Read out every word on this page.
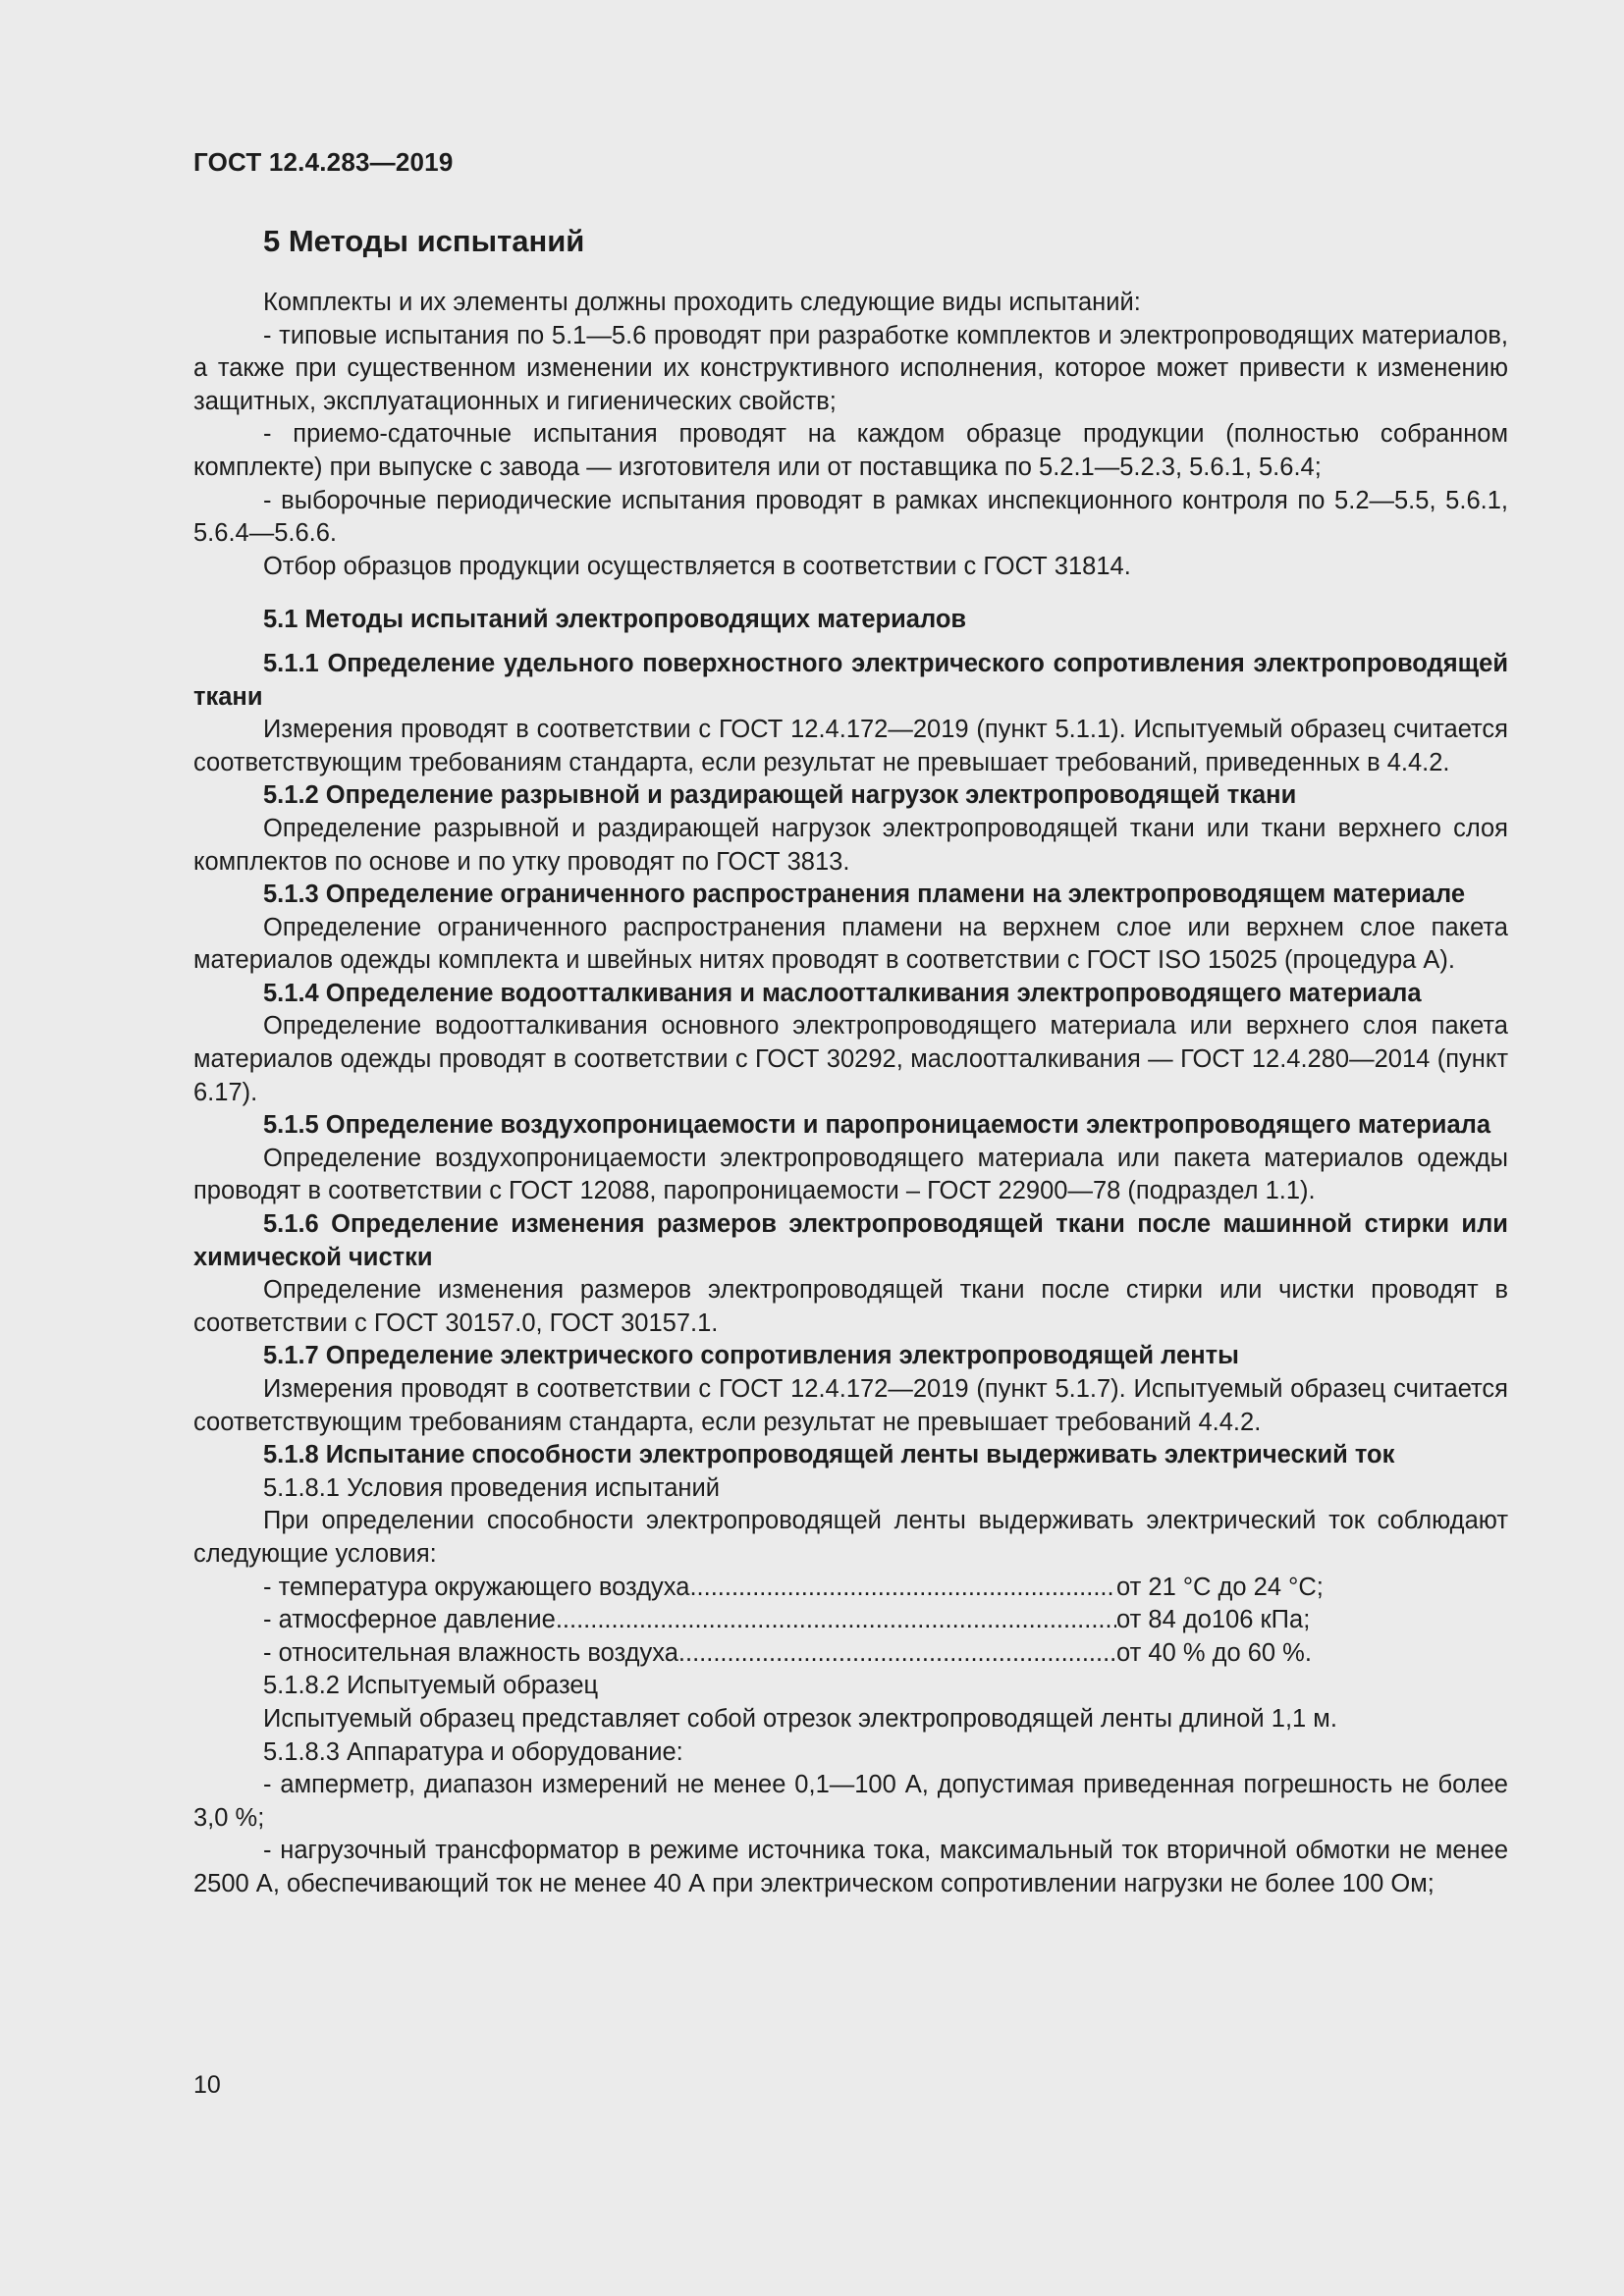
ГОСТ 12.4.283—2019

5 Методы испытаний

Комплекты и их элементы должны проходить следующие виды испытаний:

- типовые испытания по 5.1—5.6 проводят при разработке комплектов и электропроводящих материалов, а также при существенном изменении их конструктивного исполнения, которое может привести к изменению защитных, эксплуатационных и гигиенических свойств;

- приемо-сдаточные испытания проводят на каждом образце продукции (полностью собранном комплекте) при выпуске с завода — изготовителя или от поставщика по 5.2.1—5.2.3, 5.6.1, 5.6.4;

- выборочные периодические испытания проводят в рамках инспекционного контроля по 5.2—5.5, 5.6.1, 5.6.4—5.6.6.

Отбор образцов продукции осуществляется в соответствии с ГОСТ 31814.

5.1 Методы испытаний электропроводящих материалов

5.1.1 Определение удельного поверхностного электрического сопротивления электропроводящей ткани

Измерения проводят в соответствии с ГОСТ 12.4.172—2019 (пункт 5.1.1). Испытуемый образец считается соответствующим требованиям стандарта, если результат не превышает требований, приведенных в 4.4.2.

5.1.2 Определение разрывной и раздирающей нагрузок электропроводящей ткани

Определение разрывной и раздирающей нагрузок электропроводящей ткани или ткани верхнего слоя комплектов по основе и по утку проводят по ГОСТ 3813.

5.1.3 Определение ограниченного распространения пламени на электропроводящем материале

Определение ограниченного распространения пламени на верхнем слое или верхнем слое пакета материалов одежды комплекта и швейных нитях проводят в соответствии с ГОСТ ISO 15025 (процедура А).

5.1.4 Определение водоотталкивания и маслоотталкивания электропроводящего материала

Определение водоотталкивания основного электропроводящего материала или верхнего слоя пакета материалов одежды проводят в соответствии с ГОСТ 30292, маслоотталкивания — ГОСТ 12.4.280—2014 (пункт 6.17).

5.1.5 Определение воздухопроницаемости и паропроницаемости электропроводящего материала

Определение воздухопроницаемости электропроводящего материала или пакета материалов одежды проводят в соответствии с ГОСТ 12088, паропроницаемости – ГОСТ 22900—78 (подраздел 1.1).

5.1.6 Определение изменения размеров электропроводящей ткани после машинной стирки или химической чистки

Определение изменения размеров электропроводящей ткани после стирки или чистки проводят в соответствии с ГОСТ 30157.0, ГОСТ 30157.1.

5.1.7 Определение электрического сопротивления электропроводящей ленты

Измерения проводят в соответствии с ГОСТ 12.4.172—2019 (пункт 5.1.7). Испытуемый образец считается соответствующим требованиям стандарта, если результат не превышает требований 4.4.2.

5.1.8 Испытание способности электропроводящей ленты выдерживать электрический ток

5.1.8.1 Условия проведения испытаний

При определении способности электропроводящей ленты выдерживать электрический ток соблюдают следующие условия:

- температура окружающего воздуха .....	от 21 °С до 24 °С;
- атмосферное давление .....	от 84 до106 кПа;
- относительная влажность воздуха .....	от 40 % до 60 %.

5.1.8.2 Испытуемый образец

Испытуемый образец представляет собой отрезок электропроводящей ленты длиной 1,1 м.

5.1.8.3 Аппаратура и оборудование:

- амперметр, диапазон измерений не менее 0,1—100 А, допустимая приведенная погрешность не более 3,0 %;

- нагрузочный трансформатор в режиме источника тока, максимальный ток вторичной обмотки не менее 2500 А, обеспечивающий ток не менее 40 А при электрическом сопротивлении нагрузки не более 100 Ом;

10
